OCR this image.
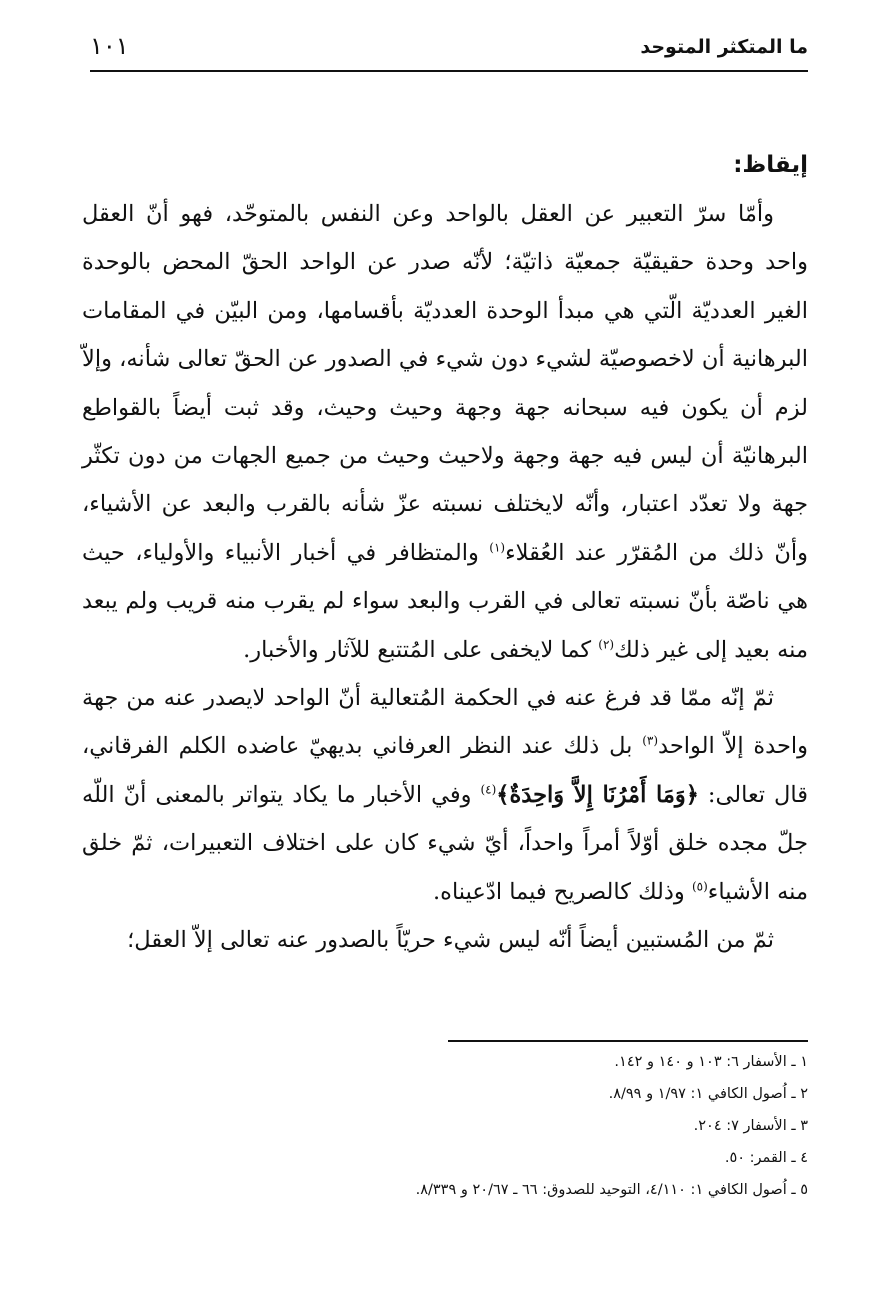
ما المتكثر المتوحد
١٠١

إيقاظ:

وأمّا سرّ التعبير عن العقل بالواحد وعن النفس بالمتوحّد، فهو أنّ العقل واحد وحدة حقيقيّة جمعيّة ذاتيّة؛ لأنّه صدر عن الواحد الحقّ المحض بالوحدة الغير العدديّة الّتي هي مبدأ الوحدة العدديّة بأقسامها، ومن البيّن في المقامات البرهانية أن لاخصوصيّة لشيء دون شيء في الصدور عن الحقّ تعالى شأنه، وإلاّ لزم أن يكون فيه سبحانه جهة وجهة وحيث وحيث، وقد ثبت أيضاً بالقواطع البرهانيّة أن ليس فيه جهة وجهة ولاحيث وحيث من جميع الجهات من دون تكثّر جهة ولا تعدّد اعتبار، وأنّه لايختلف نسبته عزّ شأنه بالقرب والبعد عن الأشياء، وأنّ ذلك من المُقرّر عند العُقلاء$^{(١)}$ والمتظافر في أخبار الأنبياء والأولياء، حيث هي ناصّة بأنّ نسبته تعالى في القرب والبعد سواء لم يقرب منه قريب ولم يبعد منه بعيد إلى غير ذلك$^{(٢)}$ كما لايخفى على المُتتبع للآثار والأخبار.

ثمّ إنّه ممّا قد فرغ عنه في الحكمة المُتعالية أنّ الواحد لايصدر عنه من جهة واحدة إلاّ الواحد$^{(٣)}$ بل ذلك عند النظر العرفاني بديهيّ عاضده الكلم الفرقاني، قال تعالى: ﴿وَمَا أَمْرُنَا إِلاَّ وَاحِدَةٌ﴾$^{(٤)}$ وفي الأخبار ما يكاد يتواتر بالمعنى أنّ اللّه جلّ مجده خلق أوّلاً أمراً واحداً، أيّ شيء كان على اختلاف التعبيرات، ثمّ خلق منه الأشياء$^{(٥)}$ وذلك كالصريح فيما ادّعيناه.

ثمّ من المُستبين أيضاً أنّه ليس شيء حريّاً بالصدور عنه تعالى إلاّ العقل؛

١ ـ الأسفار ٦: ١٠٣ و ١٤٠ و ١٤٢.

٢ ـ اُصول الكافي ١: ١/٩٧ و ٨/٩٩.

٣ ـ الأسفار ٧: ٢٠٤.

٤ ـ القمر: ٥٠.

٥ ـ اُصول الكافي ١: ٤/١١٠، التوحيد للصدوق: ٦٦ ـ ٢٠/٦٧ و ٨/٣٣٩.
